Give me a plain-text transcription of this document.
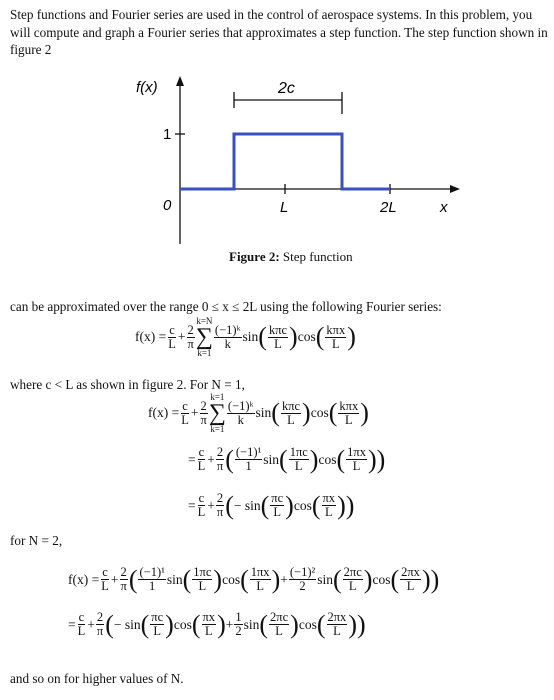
Step functions and Fourier series are used in the control of aerospace systems. In this problem, you will compute and graph a Fourier series that approximates a step function. The step function shown in figure 2
f(x)
1
0
2c
L	2L	x
Figure 2: Step function
can be approximated over the range 0 ≤ x ≤ 2L using the following Fourier series:
$f(x) = \frac{c}{L} + \frac{2}{\pi}$
k=N
∑
k=1
$\frac{\text{(−1)ᵏ}}{k}$ sin ( $\frac{\text{kπc}}{L}$ ) cos ( $\frac{\text{kπx}}{L}$ )
where c < L as shown in figure 2. For N = 1,
$f(x) = \frac{c}{L} + \frac{2}{\pi}$
k=1
∑
k=1
$\frac{\text{(−1)ᵏ}}{k}$ sin ( $\frac{\text{kπc}}{L}$ ) cos ( $\frac{\text{kπx}}{L}$ )
= $\frac{c}{L} + \frac{2}{\pi}$ ( $\frac{\text{(−1)¹}}{1}$ sin ( $\frac{1\pi c}{L}$ ) cos ( $\frac{1\pi x}{L}$ ))
= $\frac{c}{L} + \frac{2}{\pi}$ ( − sin ( $\frac{\pi c}{L}$ ) cos ( $\frac{\pi x}{L}$ ))
for N = 2,
$f(x) = \frac{c}{L} + \frac{2}{\pi}$ ( $\frac{\text{(−1)¹}}{1}$ sin ( $\frac{1\pi c}{L}$ ) cos ( $\frac{1\pi x}{L}$ ) + $\frac{\text{(−1)²}}{2}$ sin ( $\frac{2\pi c}{L}$ ) cos ( $\frac{2\pi x}{L}$ ))
= $\frac{c}{L} + \frac{2}{\pi}$ ( − sin ( $\frac{\pi c}{L}$ ) cos ( $\frac{\pi x}{L}$ ) + $\frac{1}{2}$ sin ( $\frac{2\pi c}{L}$ ) cos ( $\frac{2\pi x}{L}$ ))
and so on for higher values of N.
